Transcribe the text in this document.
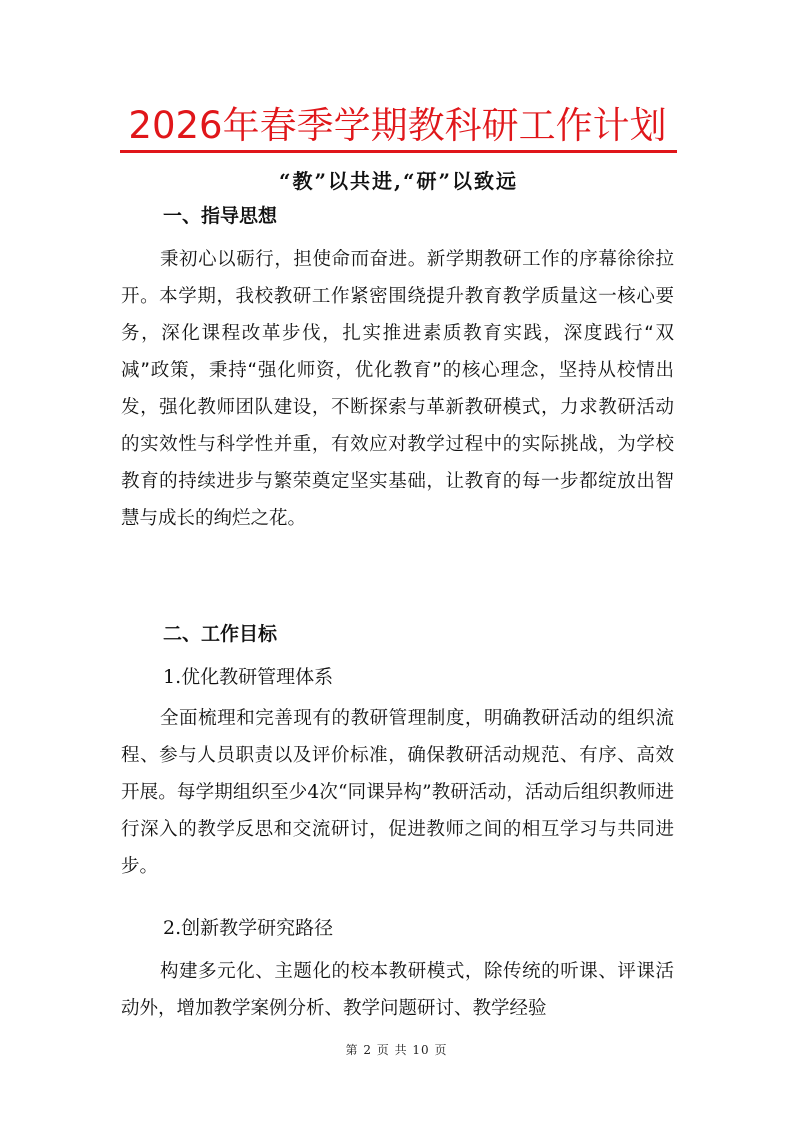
2026年春季学期教科研工作计划
“教”以共进,“研”以致远
一、指导思想

秉初心以砺行，担使命而奋进。新学期教研工作的序幕徐徐拉开。本学期，我校教研工作紧密围绕提升教育教学质量这一核心要务，深化课程改革步伐，扎实推进素质教育实践，深度践行“双减”政策，秉持“强化师资，优化教育”的核心理念，坚持从校情出发，强化教师团队建设，不断探索与革新教研模式，力求教研活动的实效性与科学性并重，有效应对教学过程中的实际挑战，为学校教育的持续进步与繁荣奠定坚实基础，让教育的每一步都绽放出智慧与成长的绚烂之花。

二、工作目标
1.优化教研管理体系

全面梳理和完善现有的教研管理制度，明确教研活动的组织流程、参与人员职责以及评价标准，确保教研活动规范、有序、高效开展。每学期组织至少4次“同课异构”教研活动，活动后组织教师进行深入的教学反思和交流研讨，促进教师之间的相互学习与共同进步。

2.创新教学研究路径

构建多元化、主题化的校本教研模式，除传统的听课、评课活动外，增加教学案例分析、教学问题研讨、教学经验

第 2 页 共 10 页
